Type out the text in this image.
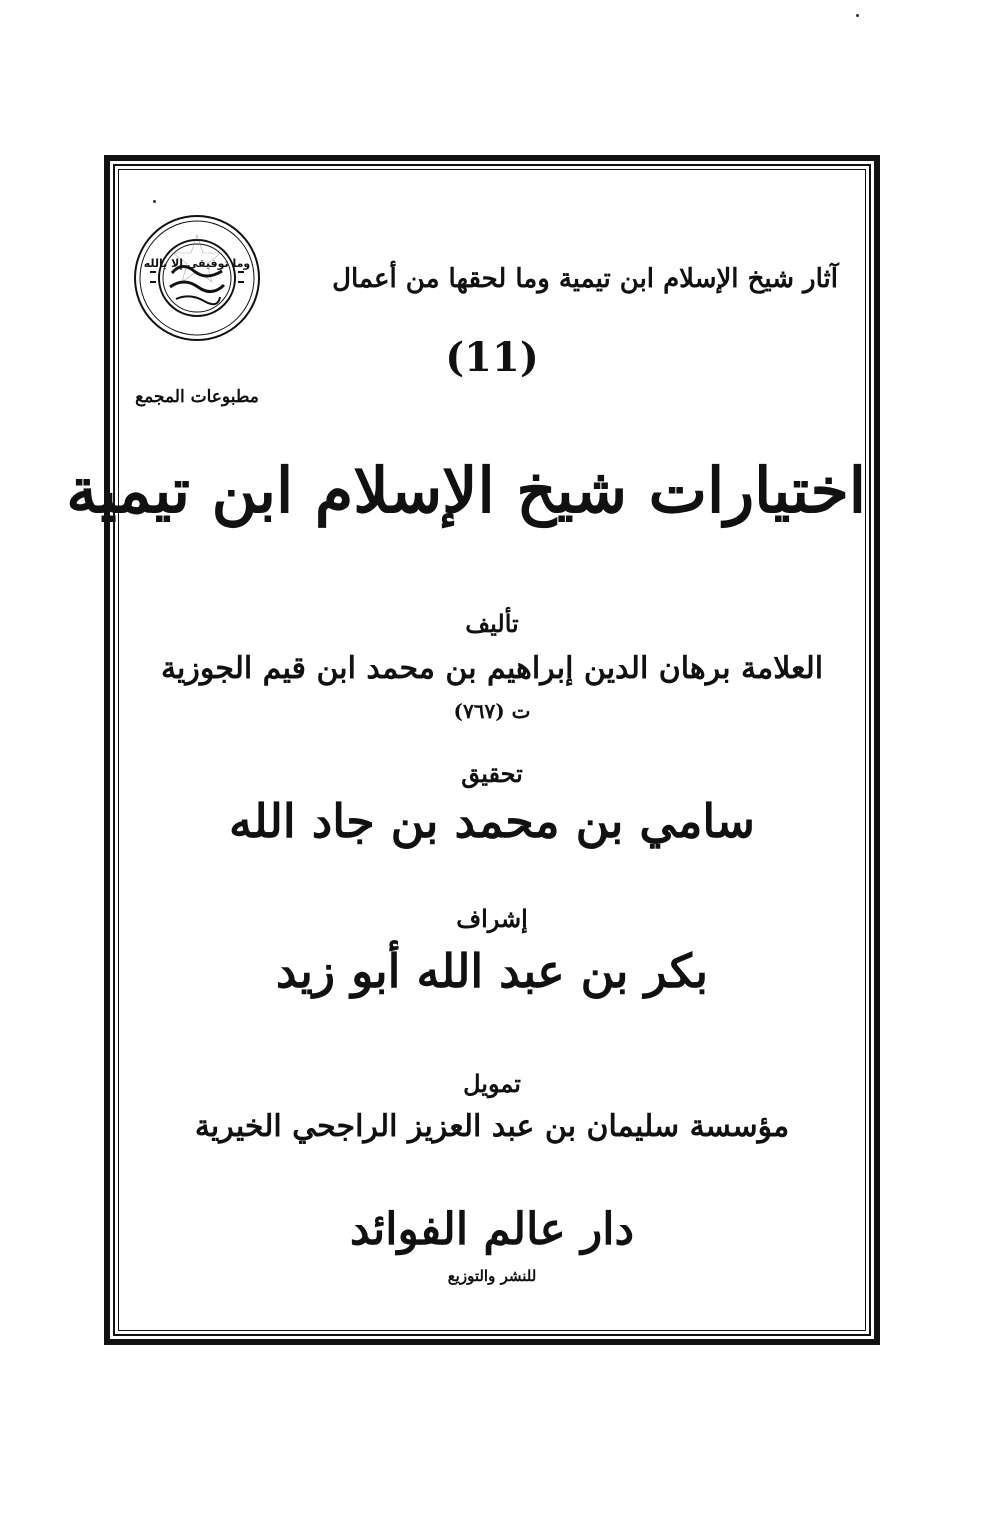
آثار شيخ الإسلام ابن تيمية وما لحقها من أعمال
(11)
وما توفيقي إلا بالله
مطبوعات المجمع
اختيارات شيخ الإسلام ابن تيمية
تأليف
العلامة برهان الدين إبراهيم بن محمد ابن قيم الجوزية
ت (٧٦٧)
تحقيق
سامي بن محمد بن جاد الله
إشراف
بكر بن عبد الله أبو زيد
تمويل
مؤسسة سليمان بن عبد العزيز الراجحي الخيرية
دار عالم الفوائد
للنشر والتوزيع
